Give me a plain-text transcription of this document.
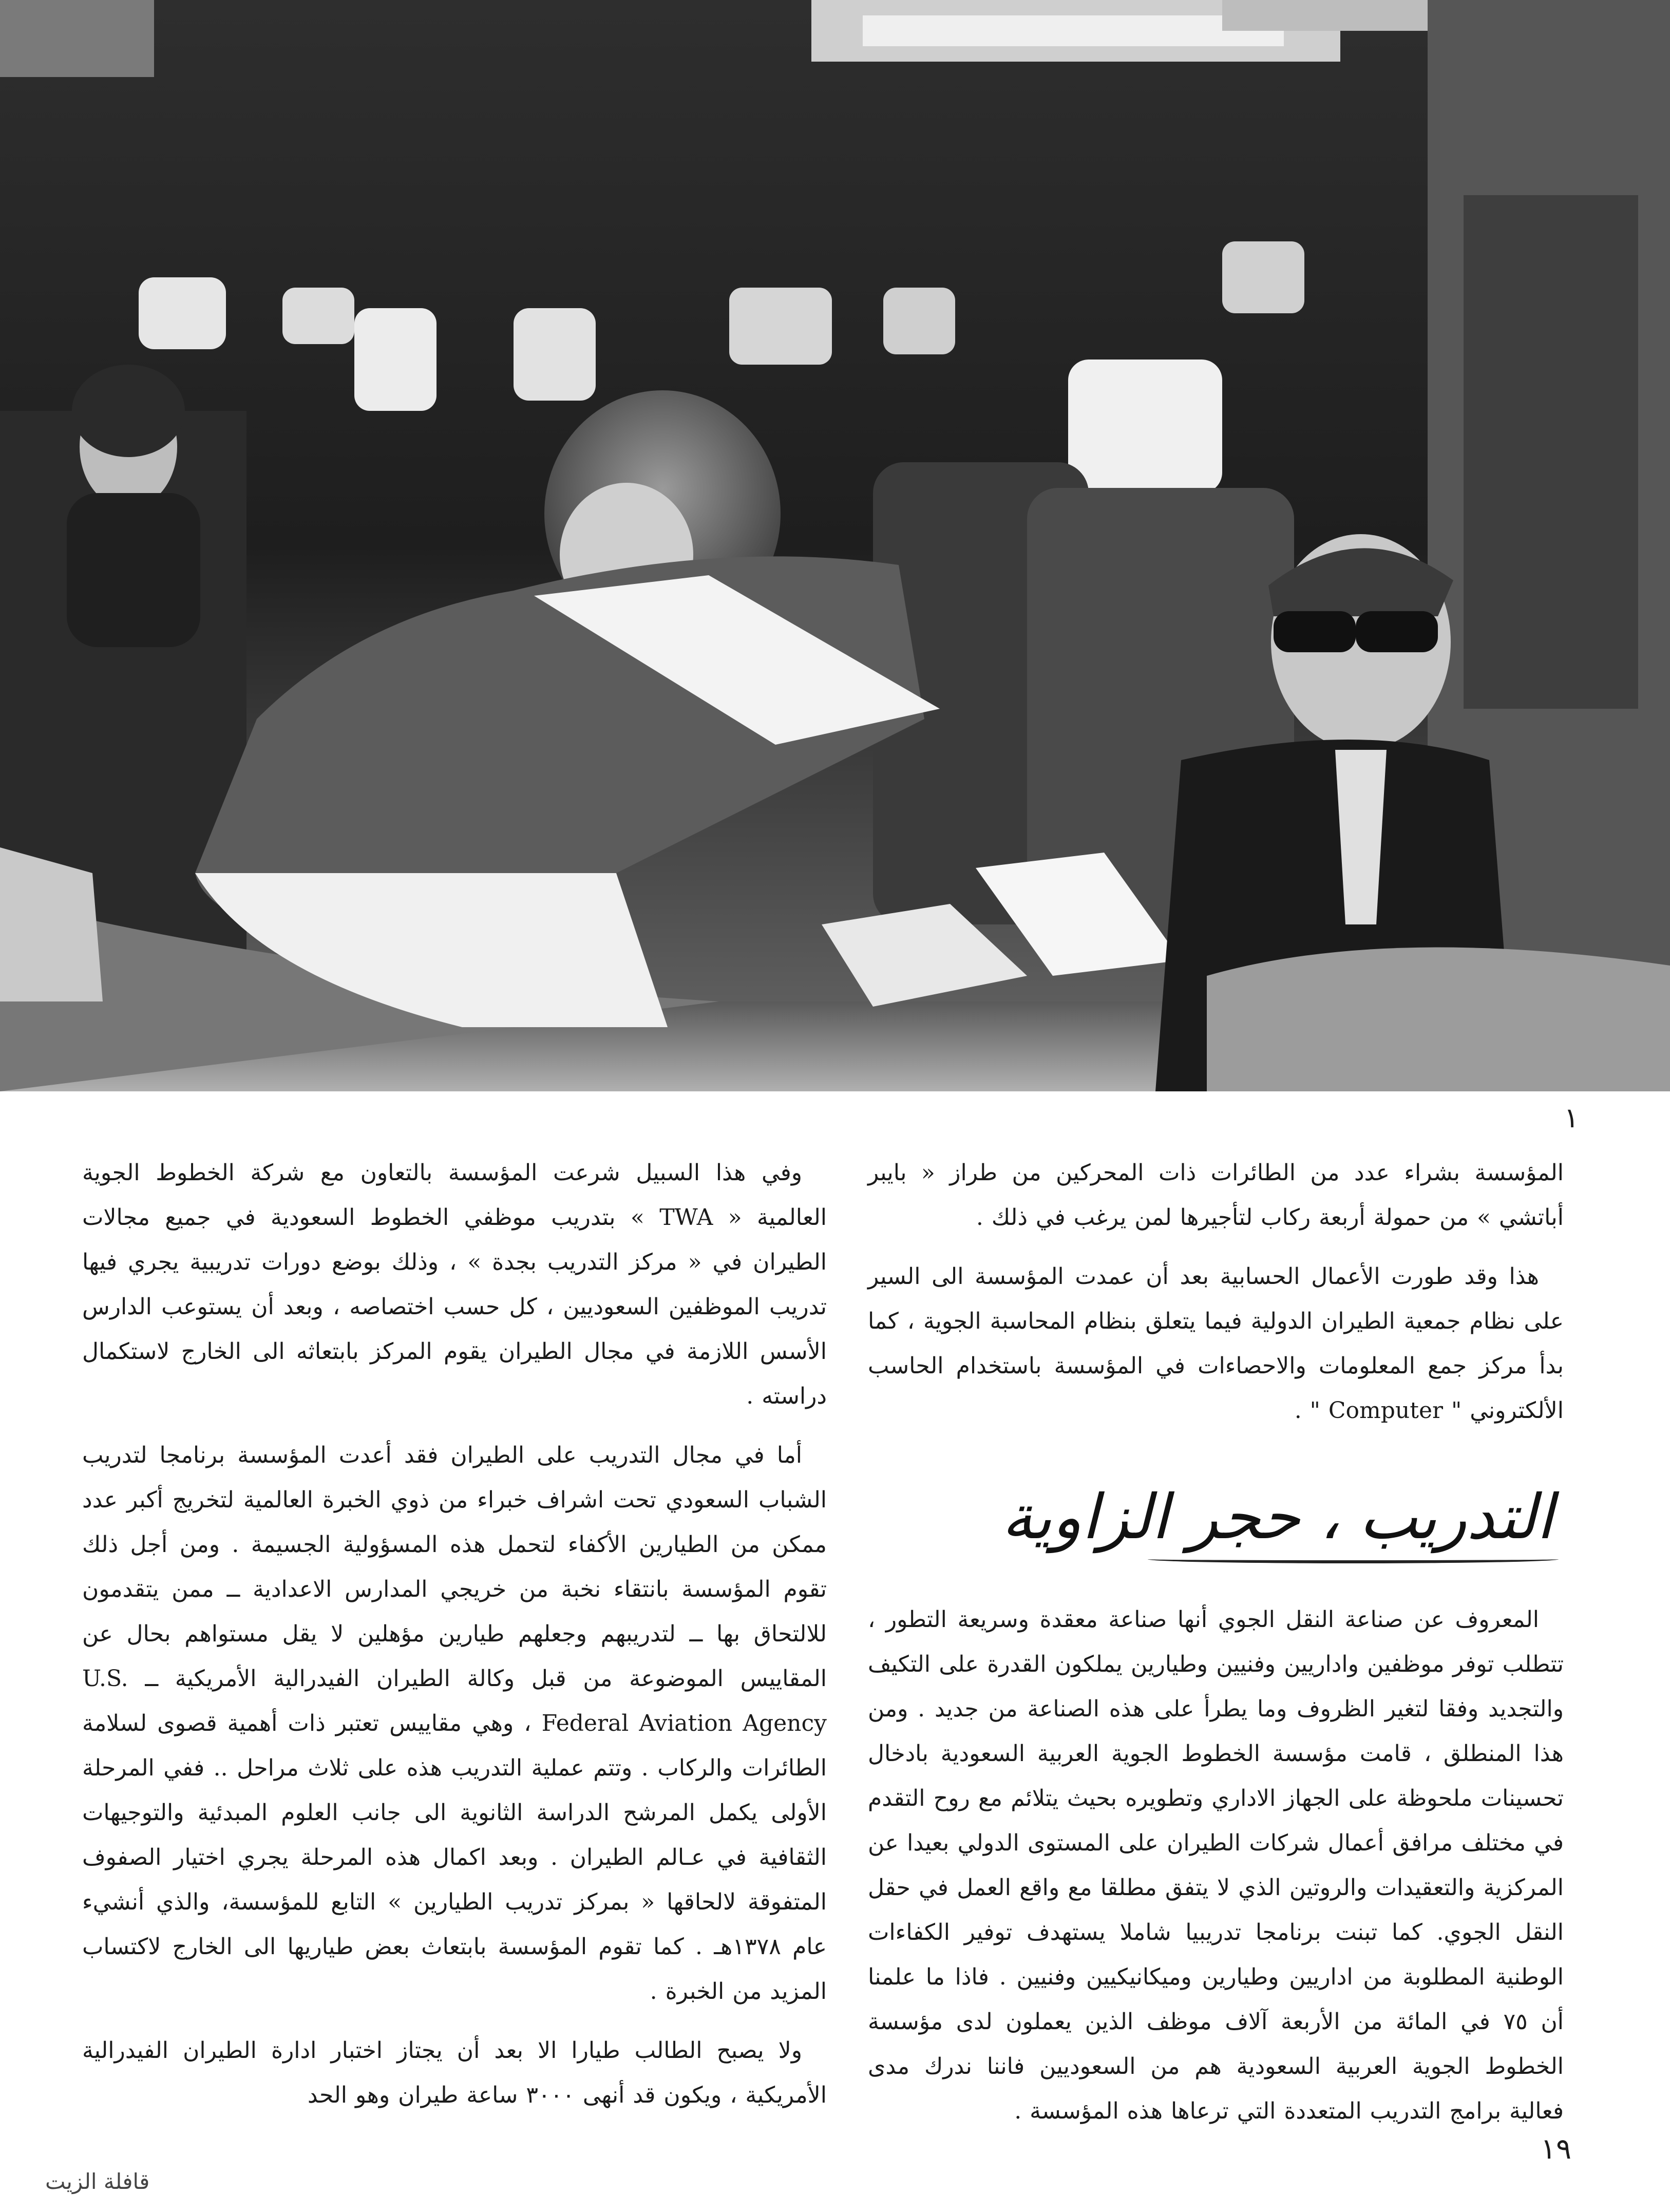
١

المؤسسة بشراء عدد من الطائرات ذات المحركين من طراز « بايبر أباتشي » من حمولة أربعة ركاب لتأجيرها لمن يرغب في ذلك .

هذا وقد طورت الأعمال الحسابية بعد أن عمدت المؤسسة الى السير على نظام جمعية الطيران الدولية فيما يتعلق بنظام المحاسبة الجوية ، كما بدأ مركز جمع المعلومات والاحصاءات في المؤسسة باستخدام الحاسب الألكتروني " Computer " .

التدريب ، حجر الزاوية

المعروف عن صناعة النقل الجوي أنها صناعة معقدة وسريعة التطور ، تتطلب توفر موظفين واداريين وفنيين وطيارين يملكون القدرة على التكيف والتجديد وفقا لتغير الظروف وما يطرأ على هذه الصناعة من جديد . ومن هذا المنطلق ، قامت مؤسسة الخطوط الجوية العربية السعودية بادخال تحسينات ملحوظة على الجهاز الاداري وتطويره بحيث يتلائم مع روح التقدم في مختلف مرافق أعمال شركات الطيران على المستوى الدولي بعيدا عن المركزية والتعقيدات والروتين الذي لا يتفق مطلقا مع واقع العمل في حقل النقل الجوي. كما تبنت برنامجا تدريبيا شاملا يستهدف توفير الكفاءات الوطنية المطلوبة من اداريين وطيارين وميكانيكيين وفنيين . فاذا ما علمنا أن ٧٥ في المائة من الأربعة آلاف موظف الذين يعملون لدى مؤسسة الخطوط الجوية العربية السعودية هم من السعوديين فاننا ندرك مدى فعالية برامج التدريب المتعددة التي ترعاها هذه المؤسسة .

وفي هذا السبيل شرعت المؤسسة بالتعاون مع شركة الخطوط الجوية العالمية « TWA » بتدريب موظفي الخطوط السعودية في جميع مجالات الطيران في « مركز التدريب بجدة » ، وذلك بوضع دورات تدريبية يجري فيها تدريب الموظفين السعوديين ، كل حسب اختصاصه ، وبعد أن يستوعب الدارس الأسس اللازمة في مجال الطيران يقوم المركز بابتعاثه الى الخارج لاستكمال دراسته .

أما في مجال التدريب على الطيران فقد أعدت المؤسسة برنامجا لتدريب الشباب السعودي تحت اشراف خبراء من ذوي الخبرة العالمية لتخريج أكبر عدد ممكن من الطيارين الأكفاء لتحمل هذه المسؤولية الجسيمة . ومن أجل ذلك تقوم المؤسسة بانتقاء نخبة من خريجي المدارس الاعدادية ــ ممن يتقدمون للالتحاق بها ــ لتدريبهم وجعلهم طيارين مؤهلين لا يقل مستواهم بحال عن المقاييس الموضوعة من قبل وكالة الطيران الفيدرالية الأمريكية ــ U.S. Federal Aviation Agency ، وهي مقاييس تعتبر ذات أهمية قصوى لسلامة الطائرات والركاب . وتتم عملية التدريب هذه على ثلاث مراحل .. ففي المرحلة الأولى يكمل المرشح الدراسة الثانوية الى جانب العلوم المبدئية والتوجيهات الثقافية في عـالم الطيران . وبعد اكمال هذه المرحلة يجري اختيار الصفوف المتفوقة لالحاقها « بمركز تدريب الطيارين » التابع للمؤسسة، والذي أنشيء عام ١٣٧٨هـ . كما تقوم المؤسسة بابتعاث بعض طياريها الى الخارج لاكتساب المزيد من الخبرة .

ولا يصبح الطالب طيارا الا بعد أن يجتاز اختبار ادارة الطيران الفيدرالية الأمريكية ، ويكون قد أنهى ٣٠٠٠ ساعة طيران وهو الحد

١٩
قافلة الزيت
